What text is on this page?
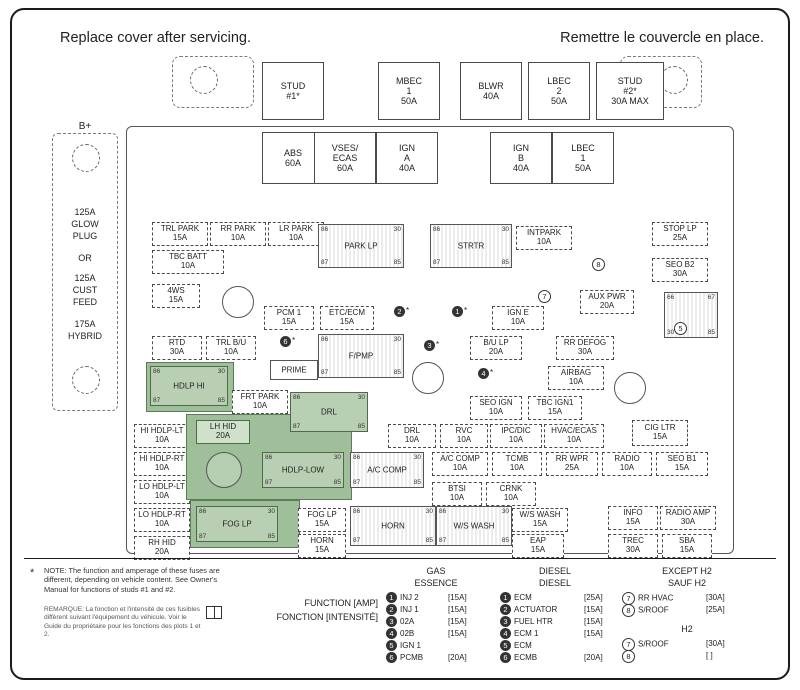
Replace cover after servicing.	Remettre le couvercle en place.
B+
125A
GLOW
PLUG
OR
125A
CUST
FEED
175A
HYBRID
STUD
#1*
MBEC
1
50A
BLWR
40A
LBEC
2
50A
STUD
#2*
30A MAX
ABS
60A
VSES/
ECAS
60A
IGN
A
40A
IGN
B
40A
LBEC
1
50A
TRL PARK
15A
RR PARK
10A
LR PARK
10A
INTPARK
10A
STOP LP
25A
SEO B2
30A
TBC BATT
10A
4WS
15A
PCM 1
15A
ETC/ECM
15A
IGN E
10A
AUX PWR
20A
RTD
30A
TRL B/U
10A
B/U LP
20A
RR DEFOG
30A
AIRBAG
10A
SEO IGN
10A
TBC IGN1
15A
HI HDLP-LT
10A
HI HDLP-RT
10A
LO HDLP-LT
10A
LO HDLP-RT
10A
RH HID
20A
LH HID
20A
FRT PARK
10A
DRL
10A
RVC
10A
IPC/DIC
10A
HVAC/ECAS
10A
CIG LTR
15A
A/C COMP
10A
TCMB
10A
RR WPR
25A
RADIO
10A
SEO B1
15A
BTSI
10A
CRNK
10A
FOG LP
15A
W/S WASH
15A
INFO
15A
RADIO AMP
30A
HORN
15A
EAP
15A
TREC
30A
SBA
15A
86	30
87	85
PARK LP
86	30
87	85
STRTR
86	30
87	85
F/PMP
PRIME
86	30
87	85
HDLP HI
86	30
87	85
DRL
86	30
87	85
HDLP-LOW
86	30
87	85
A/C COMP
86	30
87	85
FOG LP
86	30
87	85
HORN
86	30
87	85
W/S WASH
66	67
30	85
2 *	1 *
6 *
3 *
4 *
8
7
5
* NOTE: The function and amperage of these fuses are different, depending on vehicle content. See Owner's Manual for functions of studs #1 and #2.
REMARQUE: La fonction et l'intensité de ces fusibles diffèrent suivant l'équipement du véhicule. Voir le Guide du propriétaire pour les fonctions des plots 1 et 2.
FUNCTION [AMP]
FONCTION [INTENSITÉ]
GAS
ESSENCE
1 INJ 2	[15A]
2 INJ 1	[15A]
3 02A	[15A]
4 02B	[15A]
5 IGN 1
6 PCMB	[20A]
DIESEL
DIESEL
1 ECM	[25A]
2 ACTUATOR	[15A]
3 FUEL HTR	[15A]
4 ECM 1	[15A]
5 ECM
6 ECMB	[20A]
EXCEPT H2
SAUF H2
7 RR HVAC	[30A]
8 S/ROOF	[25A]
H2
7 S/ROOF	[30A]
8	[ ]
